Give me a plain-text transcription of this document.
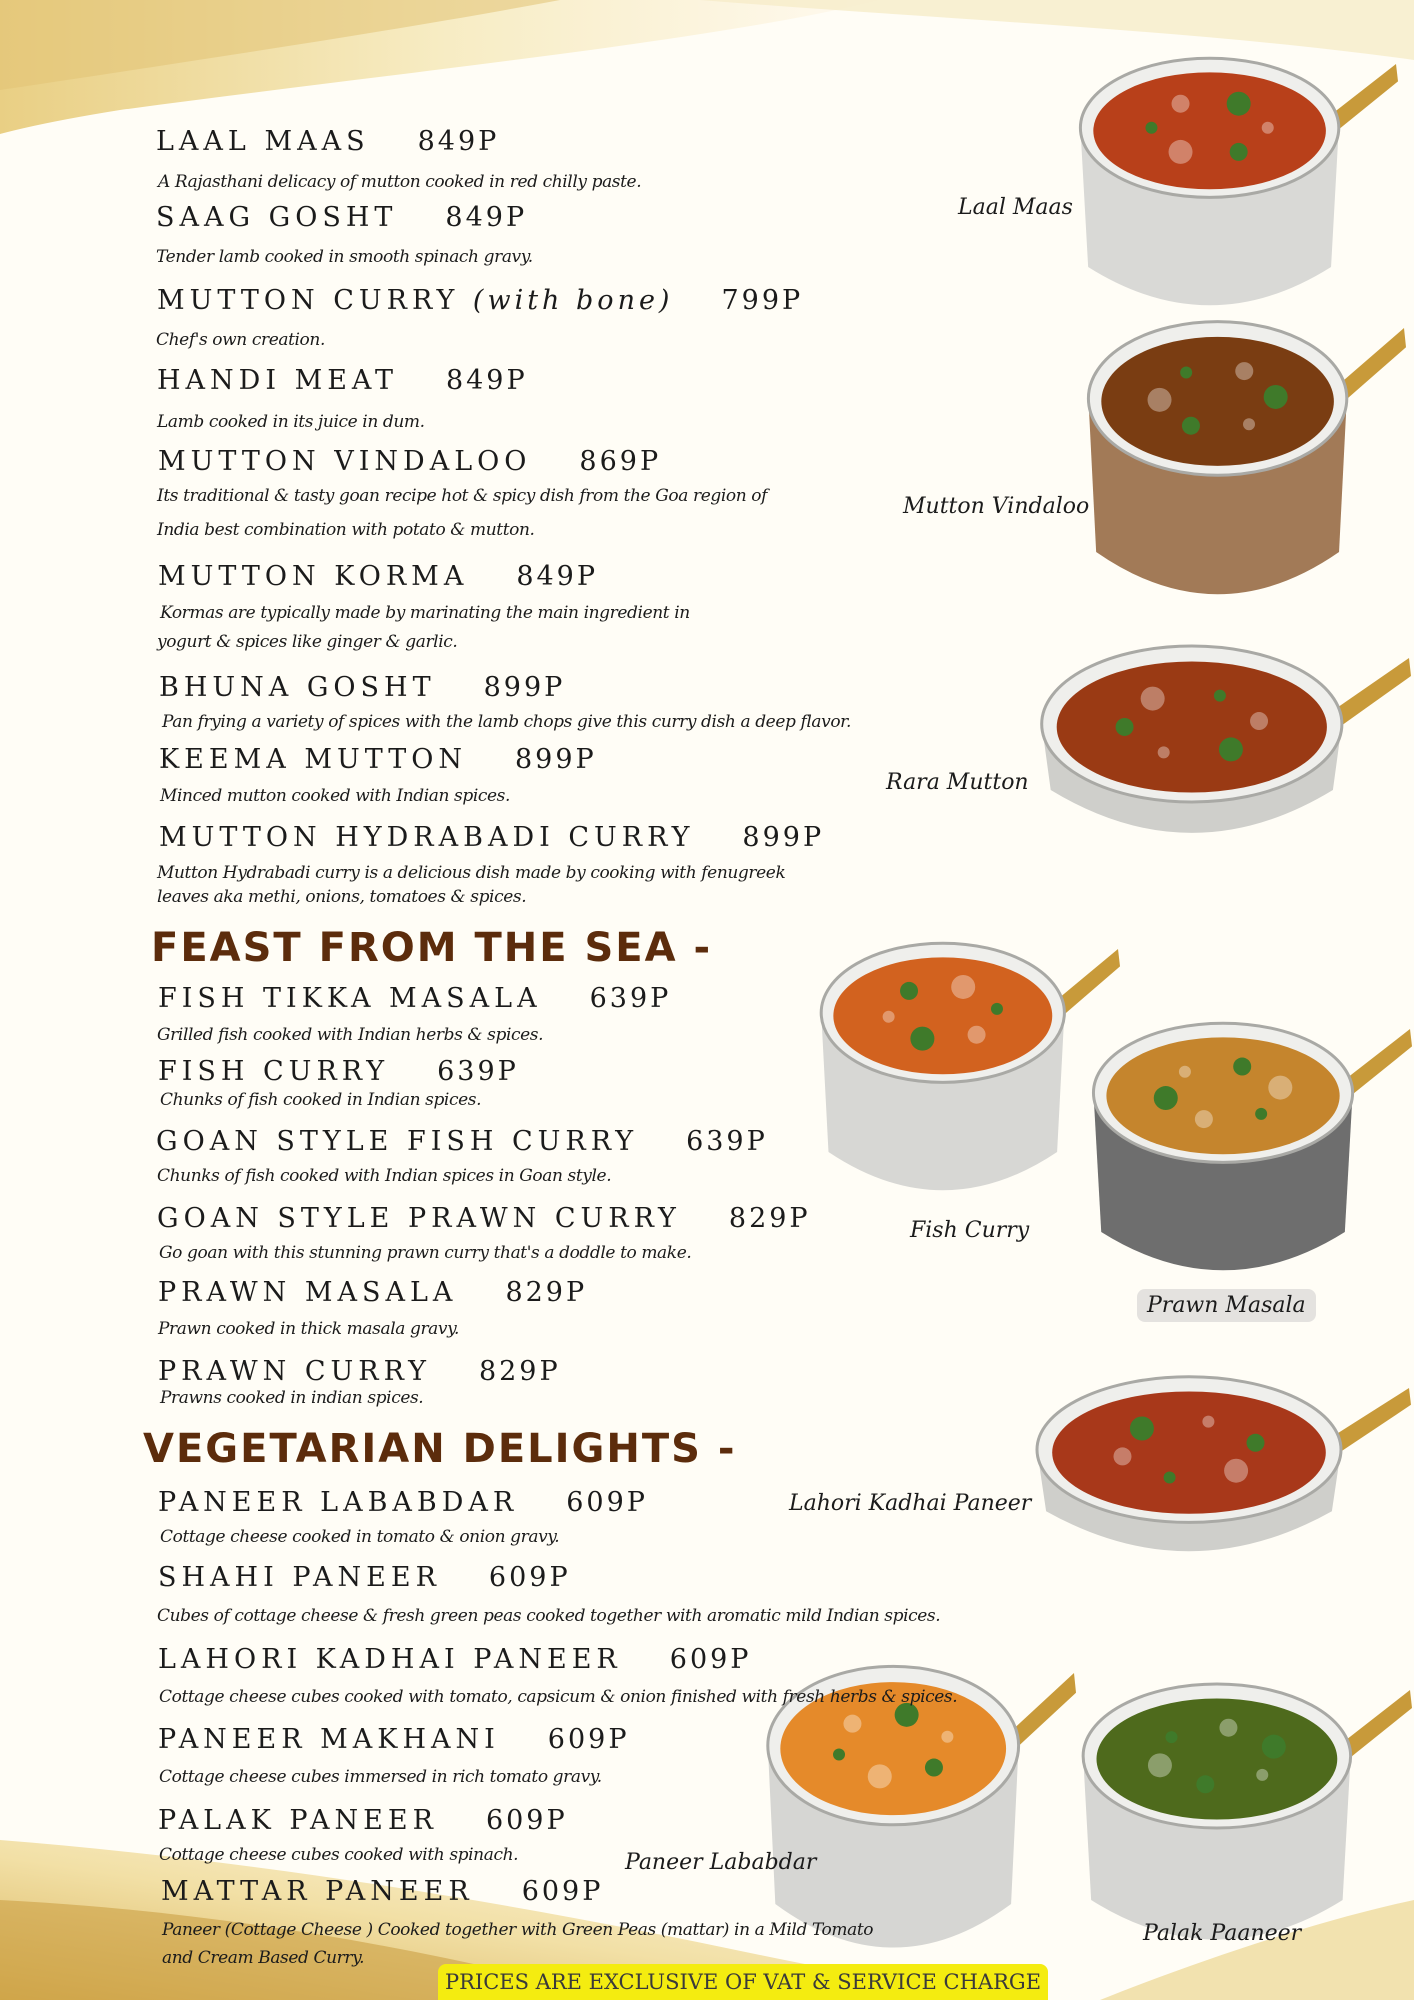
LAAL MAAS 849P
A Rajasthani delicacy of mutton cooked in red chilly paste.
SAAG GOSHT 849P
Tender lamb cooked in smooth spinach gravy.
MUTTON CURRY (with bone) 799P
Chef's own creation.
HANDI MEAT 849P
Lamb cooked in its juice in dum.
MUTTON VINDALOO 869P
Its traditional & tasty goan recipe hot & spicy dish from the Goa region of
India best combination with potato & mutton.
MUTTON KORMA 849P
Kormas are typically made by marinating the main ingredient in
yogurt & spices like ginger & garlic.
BHUNA GOSHT 899P
Pan frying a variety of spices with the lamb chops give this curry dish a deep flavor.
KEEMA MUTTON 899P
Minced mutton cooked with Indian spices.
MUTTON HYDRABADI CURRY 899P
Mutton Hydrabadi curry is a delicious dish made by cooking with fenugreek
leaves aka methi, onions, tomatoes & spices.
FEAST FROM THE SEA -
FISH TIKKA MASALA 639P
Grilled fish cooked with Indian herbs & spices.
FISH CURRY 639P
Chunks of fish cooked in Indian spices.
GOAN STYLE FISH CURRY 639P
Chunks of fish cooked with Indian spices in Goan style.
GOAN STYLE PRAWN CURRY 829P
Go goan with this stunning prawn curry that's a doddle to make.
PRAWN MASALA 829P
Prawn cooked in thick masala gravy.
PRAWN CURRY 829P
Prawns cooked in indian spices.
VEGETARIAN DELIGHTS -
PANEER LABABDAR 609P
Cottage cheese cooked in tomato & onion gravy.
SHAHI PANEER 609P
Cubes of cottage cheese & fresh green peas cooked together with aromatic mild Indian spices.
LAHORI KADHAI PANEER 609P
Cottage cheese cubes cooked with tomato, capsicum & onion finished with fresh herbs & spices.
PANEER MAKHANI 609P
Cottage cheese cubes immersed in rich tomato gravy.
PALAK PANEER 609P
Cottage cheese cubes cooked with spinach.
MATTAR PANEER 609P
Paneer (Cottage Cheese ) Cooked together with Green Peas (mattar) in a Mild Tomato
and Cream Based Curry.
Laal Maas
Mutton Vindaloo
Rara Mutton
Fish Curry
Prawn Masala
Lahori Kadhai Paneer
Paneer Lababdar
Palak Paaneer
PRICES ARE EXCLUSIVE OF VAT & SERVICE CHARGE
